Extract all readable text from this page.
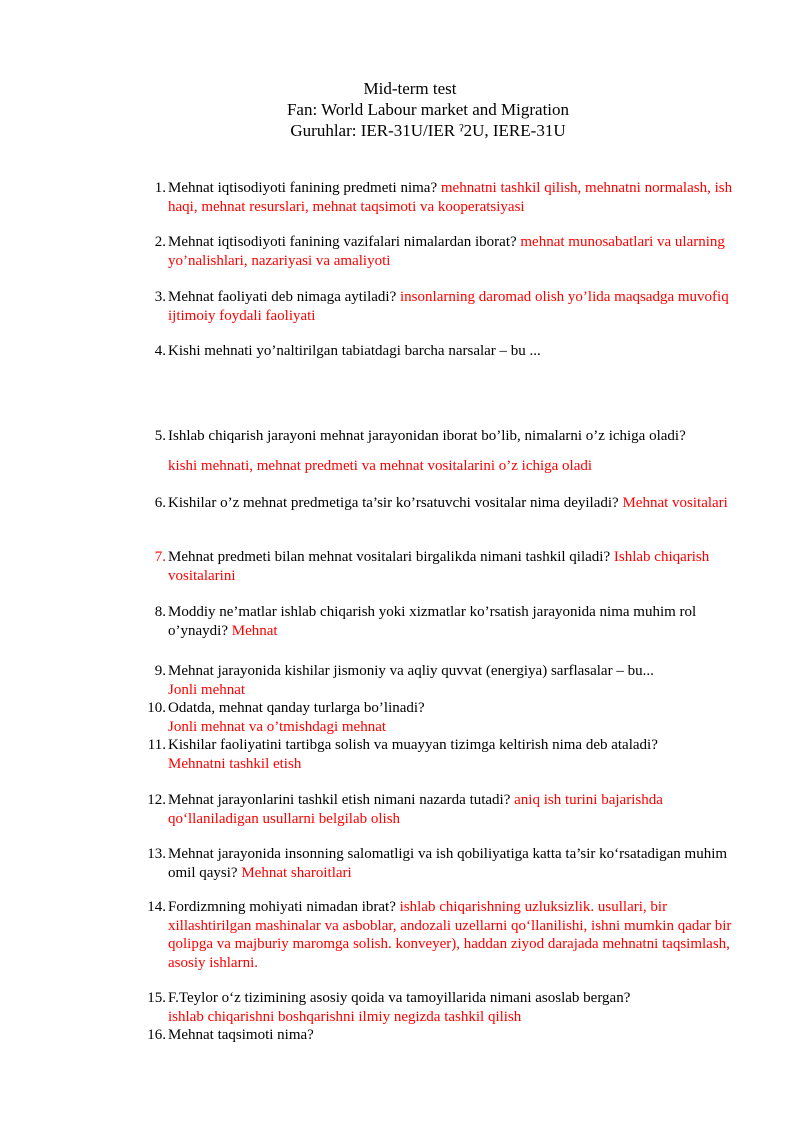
Mid-term test
Fan: World Labour market and Migration
Guruhlar: IER-31U/IER ˀ2U, IERE-31U
1. Mehnat iqtisodiyoti fanining predmeti nima? mehnatni tashkil qilish, mehnatni normalash, ish haqi, mehnat resurslari, mehnat taqsimoti va kooperatsiyasi
2. Mehnat iqtisodiyoti fanining vazifalari nimalardan iborat? mehnat munosabatlari va ularning yo’nalishlari, nazariyasi va amaliyoti
3. Mehnat faoliyati deb nimaga aytiladi? insonlarning daromad olish yo’lida maqsadga muvofiq ijtimoiy foydali faoliyati
4. Kishi mehnati yo’naltirilgan tabiatdagi barcha narsalar – bu ...
5. Ishlab chiqarish jarayoni mehnat jarayonidan iborat bo’lib, nimalarni o’z ichiga oladi?
kishi mehnati, mehnat predmeti va mehnat vositalarini o’z ichiga oladi
6. Kishilar o’z mehnat predmetiga ta’sir ko’rsatuvchi vositalar nima deyiladi? Mehnat vositalari
7. Mehnat predmeti bilan mehnat vositalari birgalikda nimani tashkil qiladi? Ishlab chiqarish vositalarini
8. Moddiy ne’matlar ishlab chiqarish yoki xizmatlar ko’rsatish jarayonida nima muhim rol o’ynaydi? Mehnat
9. Mehnat jarayonida kishilar jismoniy va aqliy quvvat (energiya) sarflasalar – bu...
Jonli mehnat
10. Odatda, mehnat qanday turlarga bo’linadi?
Jonli mehnat va o’tmishdagi mehnat
11. Kishilar faoliyatini tartibga solish va muayyan tizimga keltirish nima deb ataladi?
Mehnatni tashkil etish
12. Mehnat jarayonlarini tashkil etish nimani nazarda tutadi? aniq ish turini bajarishda qo‘llaniladigan usullarni belgilab olish
13. Mehnat jarayonida insonning salomatligi va ish qobiliyatiga katta ta’sir ko‘rsatadigan muhim omil qaysi? Mehnat sharoitlari
14. Fordizmning mohiyati nimadan ibrat? ishlab chiqarishning uzluksizlik. usullari, bir xillashtirilgan mashinalar va asboblar, andozali uzellarni qo‘llanilishi, ishni mumkin qadar bir qolipga va majburiy maromga solish. konveyer), haddan ziyod darajada mehnatni taqsimlash, asosiy ishlarni.
15. F.Teylor o‘z tizimining asosiy qoida va tamoyillarida nimani asoslab bergan?
ishlab chiqarishni boshqarishni ilmiy negizda tashkil qilish
16. Mehnat taqsimoti nima?
